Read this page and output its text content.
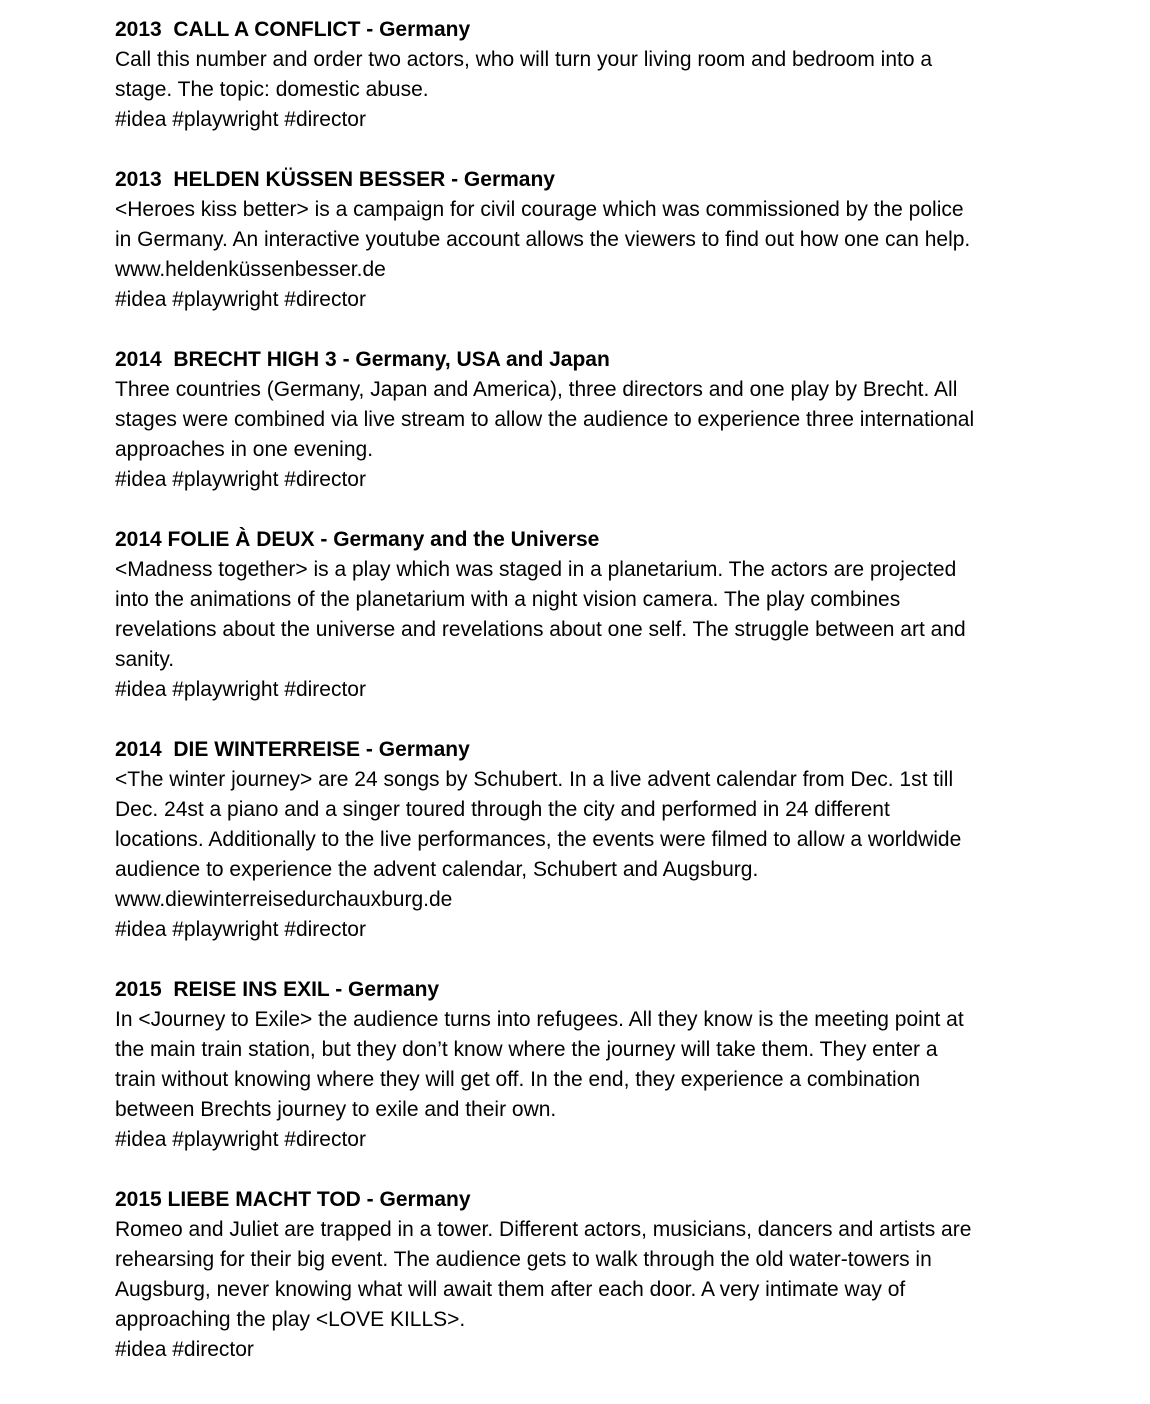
2013  CALL A CONFLICT - Germany

Call this number and order two actors, who will turn your living room and bedroom into a

stage. The topic: domestic abuse.

#idea #playwright #director

2013  HELDEN KÜSSEN BESSER - Germany

<Heroes kiss better> is a campaign for civil courage which was commissioned by the police

in Germany. An interactive youtube account allows the viewers to find out how one can help.

www.heldenküssenbesser.de

#idea #playwright #director

2014  BRECHT HIGH 3 - Germany, USA and Japan

Three countries (Germany, Japan and America), three directors and one play by Brecht. All

stages were combined via live stream to allow the audience to experience three international

approaches in one evening.

#idea #playwright #director

2014 FOLIE À DEUX - Germany and the Universe

<Madness together> is a play which was staged in a planetarium. The actors are projected

into the animations of the planetarium with a night vision camera. The play combines

revelations about the universe and revelations about one self. The struggle between art and

sanity.

#idea #playwright #director

2014  DIE WINTERREISE - Germany

<The winter journey> are 24 songs by Schubert. In a live advent calendar from Dec. 1st till

Dec. 24st a piano and a singer toured through the city and performed in 24 different

locations. Additionally to the live performances, the events were filmed to allow a worldwide

audience to experience the advent calendar, Schubert and Augsburg.

www.diewinterreisedurchauxburg.de

#idea #playwright #director

2015  REISE INS EXIL - Germany

In <Journey to Exile> the audience turns into refugees. All they know is the meeting point at

the main train station, but they don’t know where the journey will take them. They enter a

train without knowing where they will get off. In the end, they experience a combination

between Brechts journey to exile and their own.

#idea #playwright #director

2015 LIEBE MACHT TOD - Germany

Romeo and Juliet are trapped in a tower. Different actors, musicians, dancers and artists are

rehearsing for their big event. The audience gets to walk through the old water-towers in

Augsburg, never knowing what will await them after each door. A very intimate way of

approaching the play <LOVE KILLS>.

#idea #director
